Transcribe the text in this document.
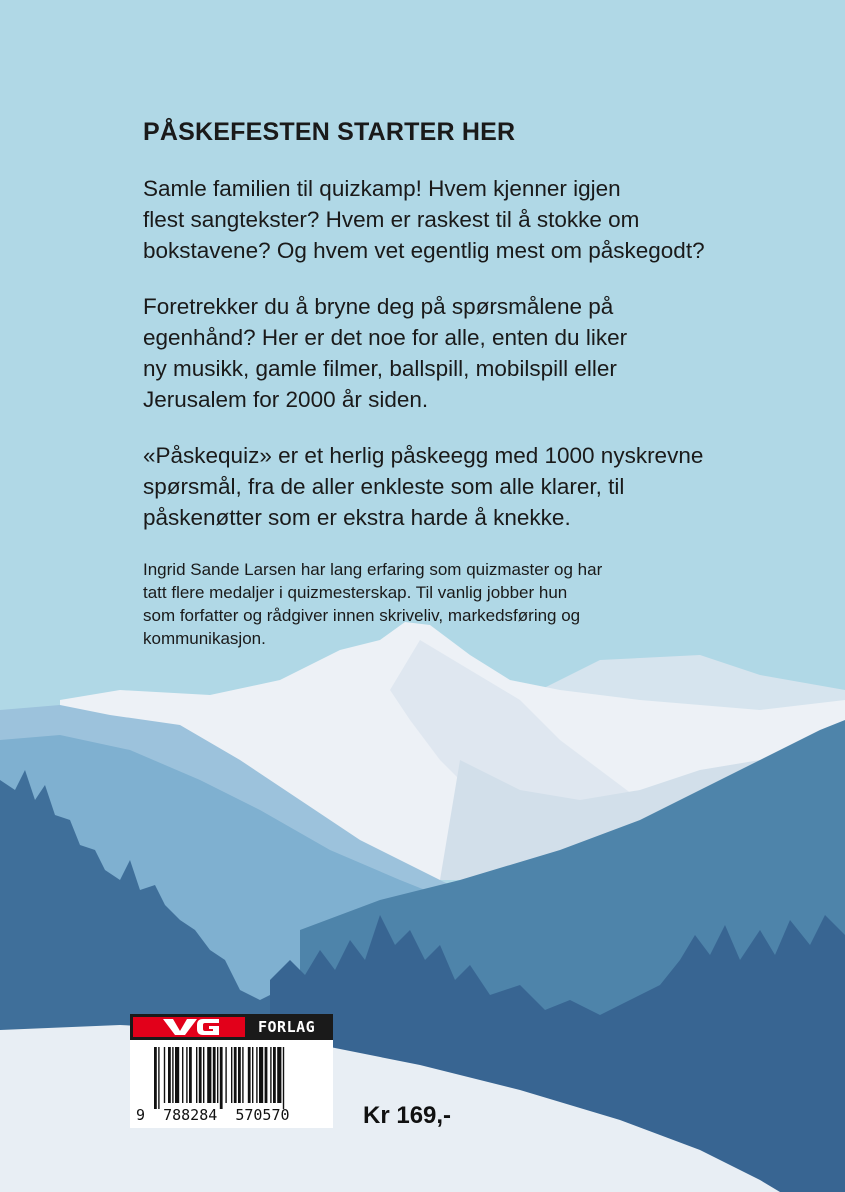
PÅSKEFESTEN STARTER HER

Samle familien til quizkamp! Hvem kjenner igjen
flest sangtekster? Hvem er raskest til å stokke om
bokstavene? Og hvem vet egentlig mest om påskegodt?

Foretrekker du å bryne deg på spørsmålene på
egenhånd? Her er det noe for alle, enten du liker
ny musikk, gamle filmer, ballspill, mobilspill eller
Jerusalem for 2000 år siden.

«Påskequiz» er et herlig påskeegg med 1000 nyskrevne
spørsmål, fra de aller enkleste som alle klarer, til
påskenøtter som er ekstra harde å knekke.

Ingrid Sande Larsen har lang erfaring som quizmaster og har
tatt flere medaljer i quizmesterskap. Til vanlig jobber hun
som forfatter og rådgiver innen skriveliv, markedsføring og
kommunikasjon.

FORLAG
9  788284  570570	Kr 169,-
